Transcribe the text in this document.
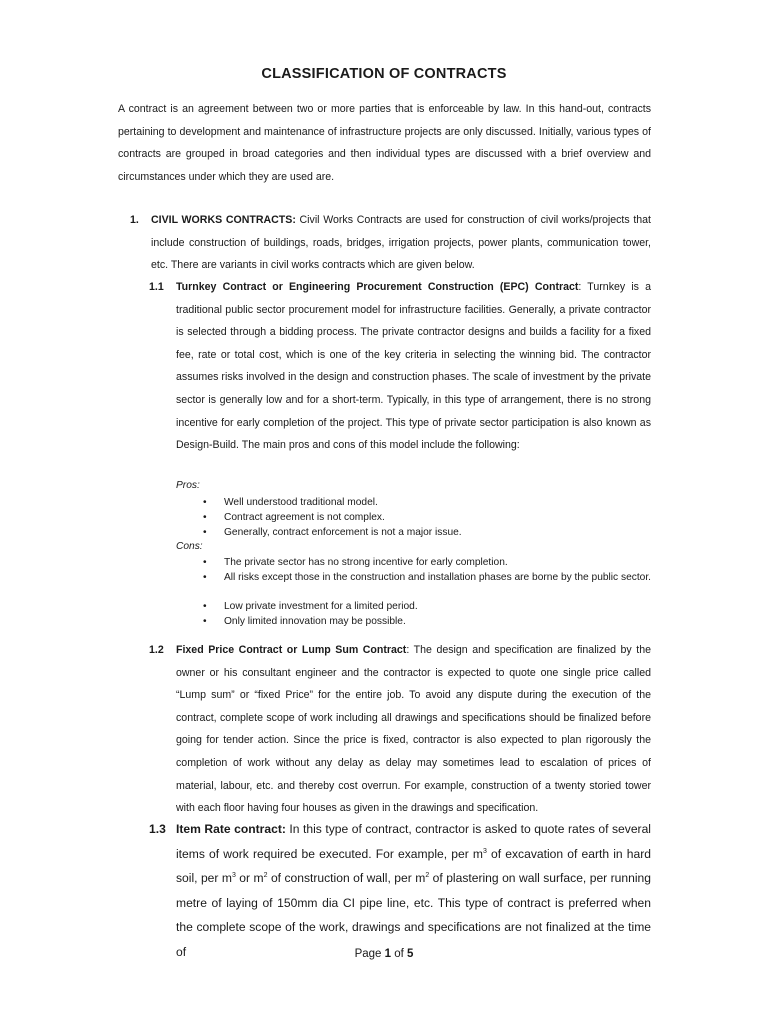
CLASSIFICATION OF CONTRACTS
A contract is an agreement between two or more parties that is enforceable by law. In this hand-out, contracts pertaining to development and maintenance of infrastructure projects are only discussed. Initially, various types of contracts are grouped in broad categories and then individual types are discussed with a brief overview and circumstances under which they are used are.
1. CIVIL WORKS CONTRACTS: Civil Works Contracts are used for construction of civil works/projects that include construction of buildings, roads, bridges, irrigation projects, power plants, communication tower, etc. There are variants in civil works contracts which are given below.
1.1 Turnkey Contract or Engineering Procurement Construction (EPC) Contract: Turnkey is a traditional public sector procurement model for infrastructure facilities. Generally, a private contractor is selected through a bidding process. The private contractor designs and builds a facility for a fixed fee, rate or total cost, which is one of the key criteria in selecting the winning bid. The contractor assumes risks involved in the design and construction phases. The scale of investment by the private sector is generally low and for a short-term. Typically, in this type of arrangement, there is no strong incentive for early completion of the project. This type of private sector participation is also known as Design-Build. The main pros and cons of this model include the following:
Pros:
• Well understood traditional model.
• Contract agreement is not complex.
• Generally, contract enforcement is not a major issue.
Cons:
• The private sector has no strong incentive for early completion.
• All risks except those in the construction and installation phases are borne by the public sector.
• Low private investment for a limited period.
• Only limited innovation may be possible.
1.2 Fixed Price Contract or Lump Sum Contract: The design and specification are finalized by the owner or his consultant engineer and the contractor is expected to quote one single price called “Lump sum” or “fixed Price” for the entire job. To avoid any dispute during the execution of the contract, complete scope of work including all drawings and specifications should be finalized before going for tender action. Since the price is fixed, contractor is also expected to plan rigorously the completion of work without any delay as delay may sometimes lead to escalation of prices of material, labour, etc. and thereby cost overrun. For example, construction of a twenty storied tower with each floor having four houses as given in the drawings and specification.
1.3 Item Rate contract: In this type of contract, contractor is asked to quote rates of several items of work required be executed. For example, per $m^3$ of excavation of earth in hard soil, per $m^3$ or $m^2$ of construction of wall, per $m^2$ of plastering on wall surface, per running metre of laying of 150mm dia CI pipe line, etc. This type of contract is preferred when the complete scope of the work, drawings and specifications are not finalized at the time of	Page 1 of 5
